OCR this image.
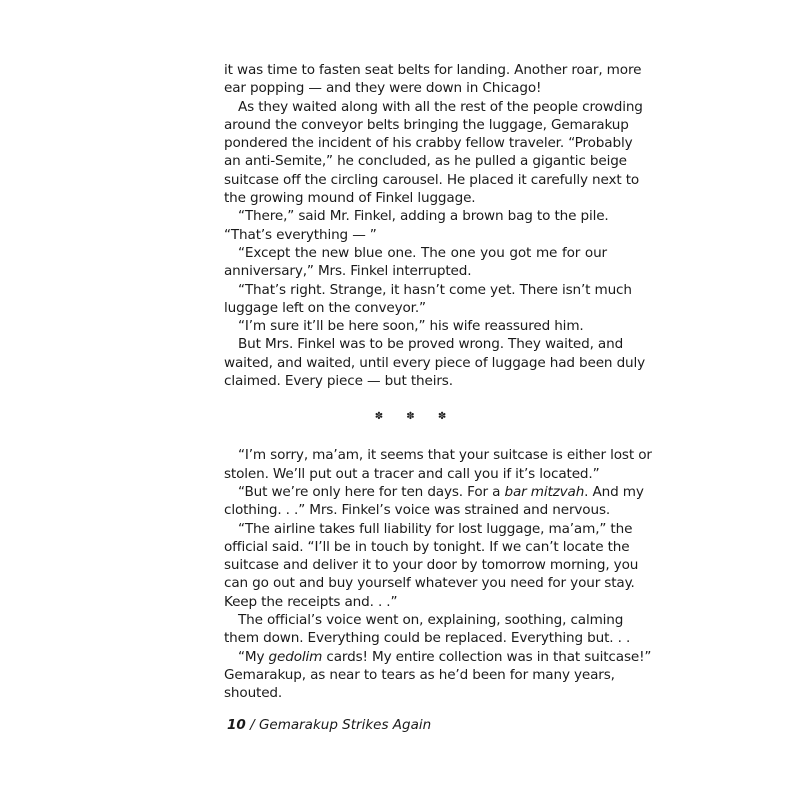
it was time to fasten seat belts for landing. Another roar, more
ear popping — and they were down in Chicago!
As they waited along with all the rest of the people crowding
around the conveyor belts bringing the luggage, Gemarakup
pondered the incident of his crabby fellow traveler. “Probably
an anti-Semite,” he concluded, as he pulled a gigantic beige
suitcase off the circling carousel. He placed it carefully next to
the growing mound of Finkel luggage.
“There,” said Mr. Finkel, adding a brown bag to the pile.
“That’s everything — ”
“Except the new blue one. The one you got me for our
anniversary,” Mrs. Finkel interrupted.
“That’s right. Strange, it hasn’t come yet. There isn’t much
luggage left on the conveyor.”
“I’m sure it’ll be here soon,” his wife reassured him.
But Mrs. Finkel was to be proved wrong. They waited, and
waited, and waited, until every piece of luggage had been duly
claimed. Every piece — but theirs.
✽ ✽ ✽
“I’m sorry, ma’am, it seems that your suitcase is either lost or
stolen. We’ll put out a tracer and call you if it’s located.”
“But we’re only here for ten days. For a bar mitzvah. And my
clothing. . .” Mrs. Finkel’s voice was strained and nervous.
“The airline takes full liability for lost luggage, ma’am,” the
official said. “I’ll be in touch by tonight. If we can’t locate the
suitcase and deliver it to your door by tomorrow morning, you
can go out and buy yourself whatever you need for your stay.
Keep the receipts and. . .”
The official’s voice went on, explaining, soothing, calming
them down. Everything could be replaced. Everything but. . .
“My gedolim cards! My entire collection was in that suitcase!”
Gemarakup, as near to tears as he’d been for many years,
shouted.
10 / Gemarakup Strikes Again
